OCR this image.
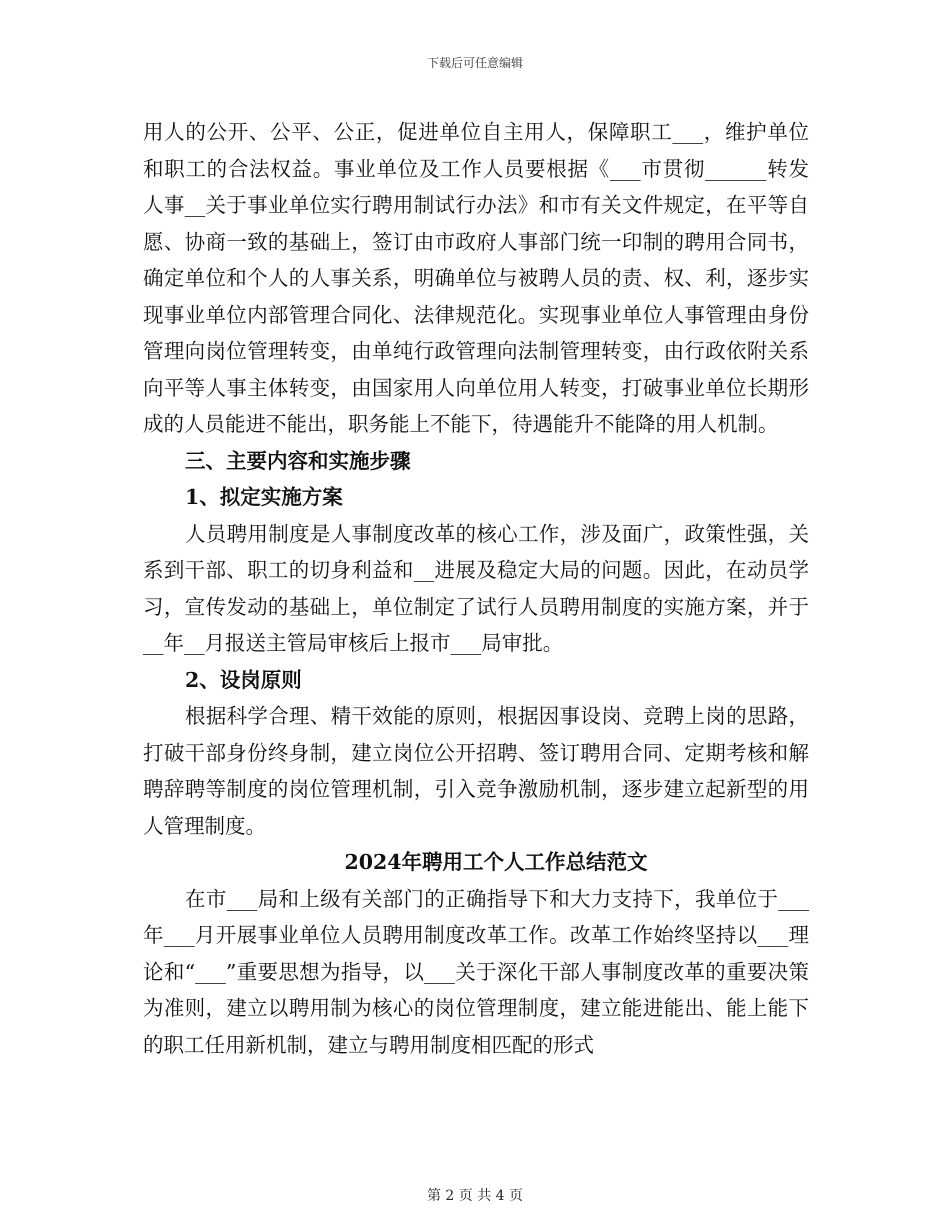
下载后可任意编辑

用人的公开、公平、公正，促进单位自主用人，保障职工___，维护单位和职工的合法权益。事业单位及工作人员要根据《___市贯彻______转发人事__关于事业单位实行聘用制试行办法》和市有关文件规定，在平等自愿、协商一致的基础上，签订由市政府人事部门统一印制的聘用合同书，确定单位和个人的人事关系，明确单位与被聘人员的责、权、利，逐步实现事业单位内部管理合同化、法律规范化。实现事业单位人事管理由身份管理向岗位管理转变，由单纯行政管理向法制管理转变，由行政依附关系向平等人事主体转变，由国家用人向单位用人转变，打破事业单位长期形成的人员能进不能出，职务能上不能下，待遇能升不能降的用人机制。

三、主要内容和实施步骤

1、拟定实施方案

人员聘用制度是人事制度改革的核心工作，涉及面广，政策性强，关系到干部、职工的切身利益和__进展及稳定大局的问题。因此，在动员学习，宣传发动的基础上，单位制定了试行人员聘用制度的实施方案，并于__年__月报送主管局审核后上报市___局审批。

2、设岗原则

根据科学合理、精干效能的原则，根据因事设岗、竞聘上岗的思路，打破干部身份终身制，建立岗位公开招聘、签订聘用合同、定期考核和解聘辞聘等制度的岗位管理机制，引入竞争激励机制，逐步建立起新型的用人管理制度。

2024年聘用工个人工作总结范文

在市___局和上级有关部门的正确指导下和大力支持下，我单位于___年___月开展事业单位人员聘用制度改革工作。改革工作始终坚持以___理论和“___”重要思想为指导，以___关于深化干部人事制度改革的重要决策为准则，建立以聘用制为核心的岗位管理制度，建立能进能出、能上能下的职工任用新机制，建立与聘用制度相匹配的形式

第 2 页 共 4 页
